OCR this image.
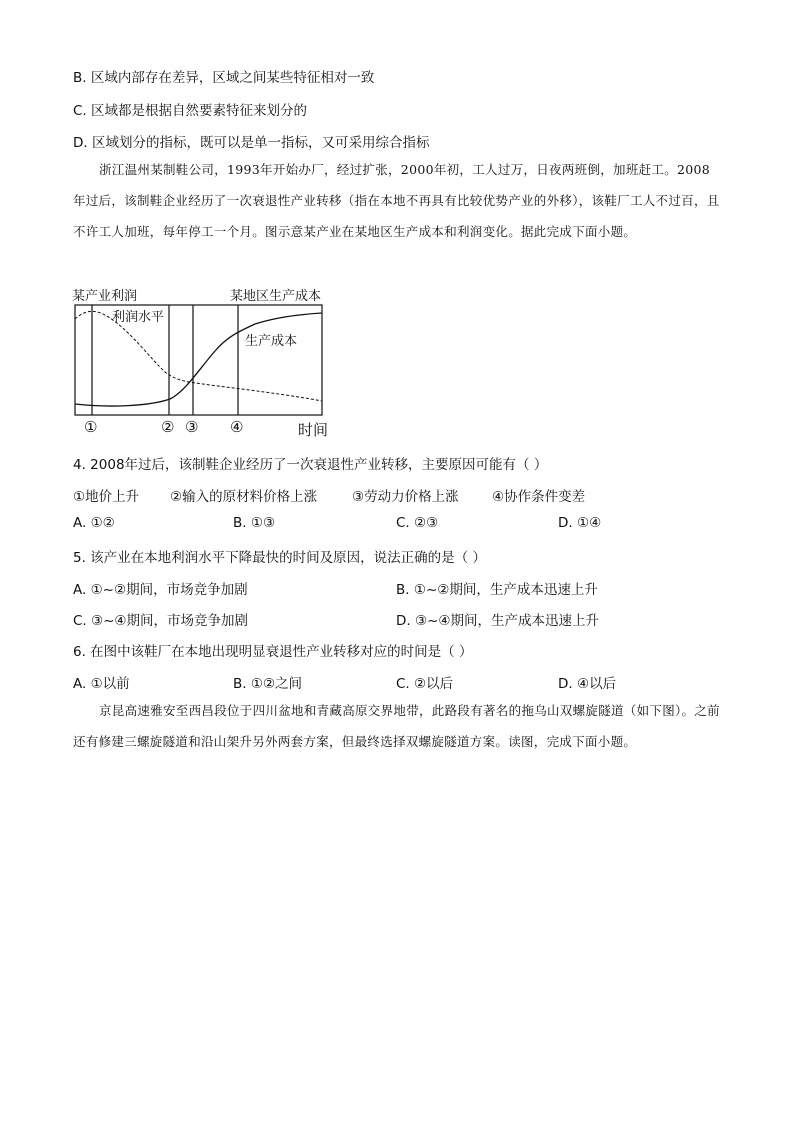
B. 区域内部存在差异，区域之间某些特征相对一致
C. 区域都是根据自然要素特征来划分的
D. 区域划分的指标，既可以是单一指标，又可采用综合指标
浙江温州某制鞋公司，1993年开始办厂，经过扩张，2000年初，工人过万，日夜两班倒，加班赶工。2008年过后，该制鞋企业经历了一次衰退性产业转移（指在本地不再具有比较优势产业的外移），该鞋厂工人不过百，且不许工人加班，每年停工一个月。图示意某产业在某地区生产成本和利润变化。据此完成下面小题。
某产业利润	某地区生产成本
利润水平
生产成本
①	② ③ ④	时间
4. 2008年过后，该制鞋企业经历了一次衰退性产业转移，主要原因可能有（ ）
①地价上升 ②输入的原材料价格上涨	③劳动力价格上涨 ④协作条件变差
A. ①②	B. ①③	C. ②③	D. ①④
5. 该产业在本地利润水平下降最快的时间及原因，说法正确的是（ ）
A. ①~②期间，市场竞争加剧	B. ①~②期间，生产成本迅速上升
C. ③~④期间，市场竞争加剧	D. ③~④期间，生产成本迅速上升
6. 在图中该鞋厂在本地出现明显衰退性产业转移对应的时间是（ ）
A. ①以前	B. ①②之间	C. ②以后	D. ④以后
京昆高速雅安至西昌段位于四川盆地和青藏高原交界地带，此路段有著名的拖乌山双螺旋隧道（如下图）。之前还有修建三螺旋隧道和沿山架升另外两套方案，但最终选择双螺旋隧道方案。读图，完成下面小题。
